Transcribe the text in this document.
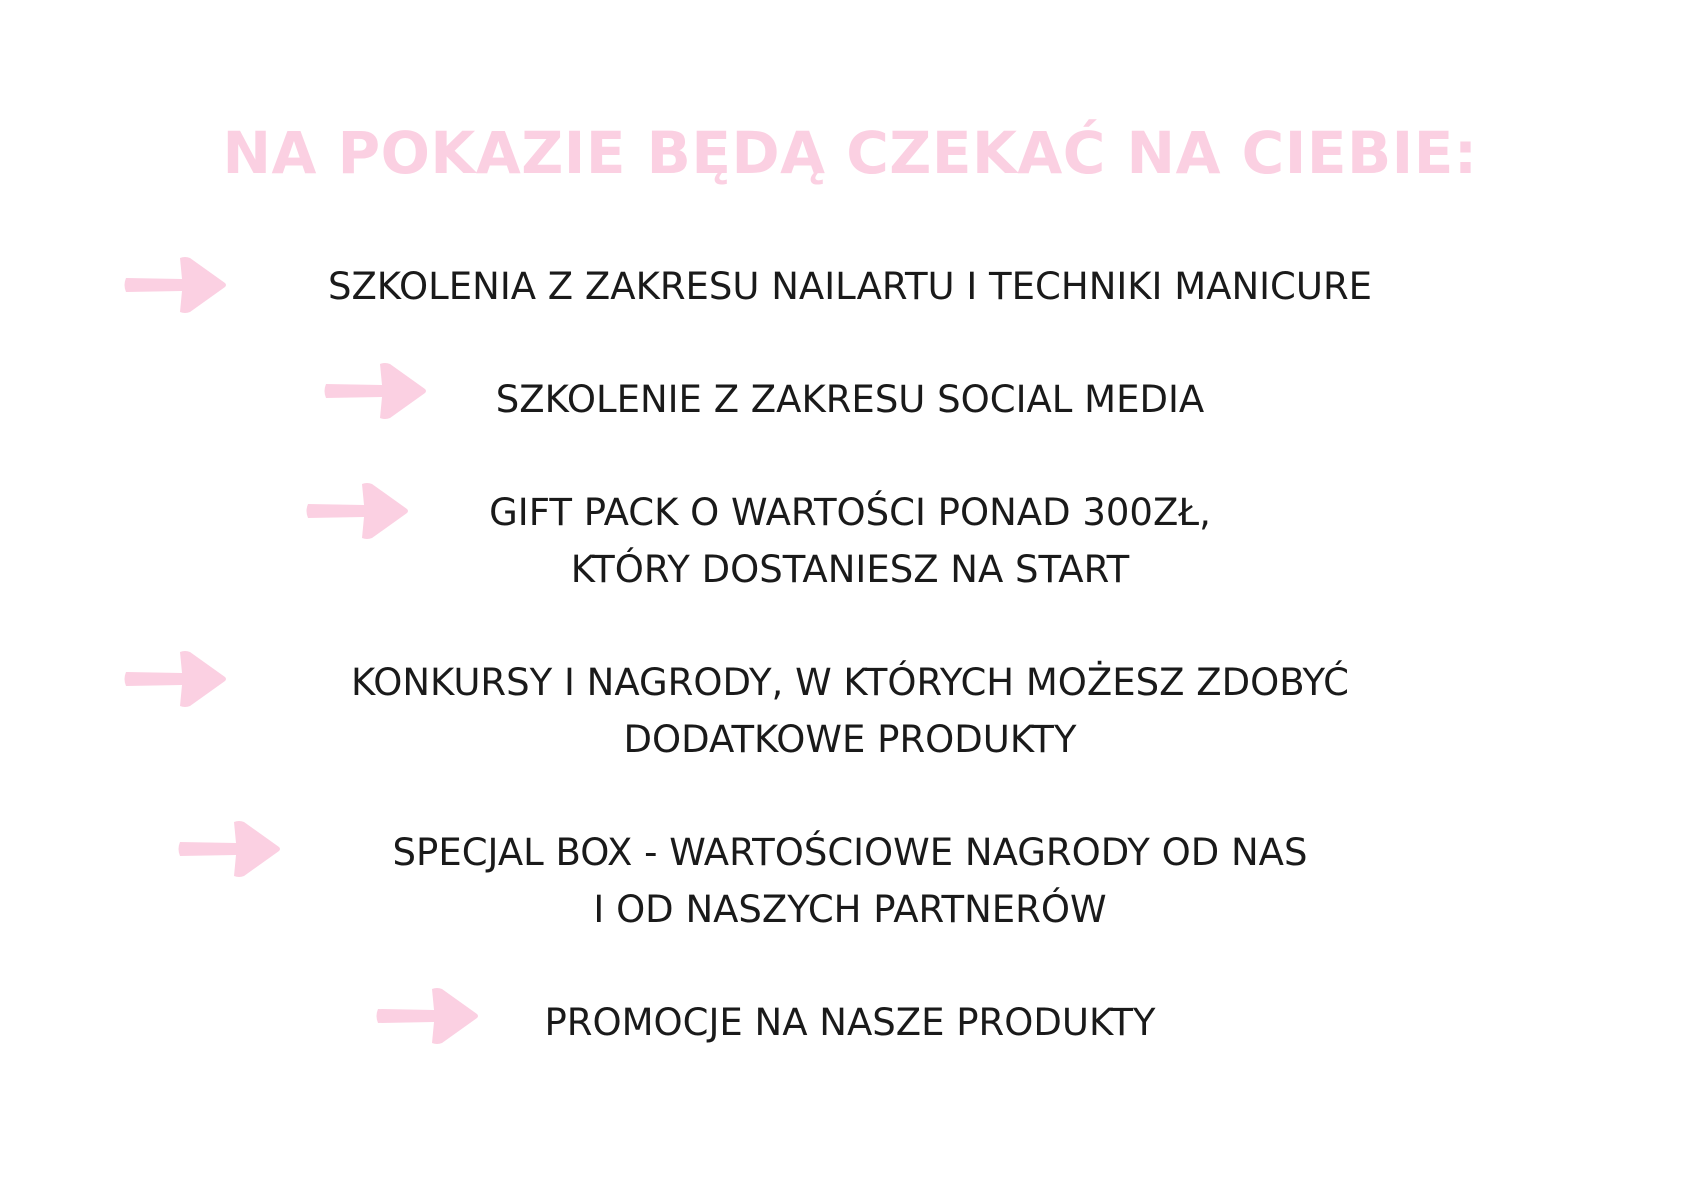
NA POKAZIE BĘDĄ CZEKAĆ NA CIEBIE:
SZKOLENIA Z ZAKRESU NAILARTU I TECHNIKI MANICURE
SZKOLENIE Z ZAKRESU SOCIAL MEDIA
GIFT PACK O WARTOŚCI PONAD 300ZŁ,
KTÓRY DOSTANIESZ NA START
KONKURSY I NAGRODY, W KTÓRYCH MOŻESZ ZDOBYĆ
DODATKOWE PRODUKTY
SPECJAL BOX - WARTOŚCIOWE NAGRODY OD NAS
I OD NASZYCH PARTNERÓW
PROMOCJE NA NASZE PRODUKTY
